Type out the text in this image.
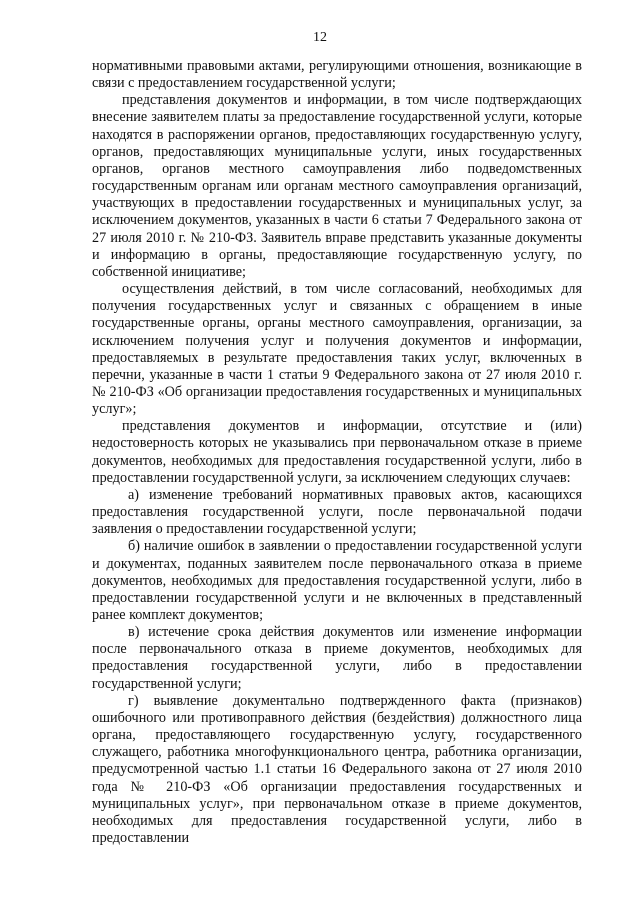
12

нормативными правовыми актами, регулирующими отношения, возникающие в связи с предоставлением государственной услуги;

представления документов и информации, в том числе подтверждающих внесение заявителем платы за предоставление государственной услуги, которые находятся в распоряжении органов, предоставляющих государственную услугу, органов, предоставляющих муниципальные услуги, иных государственных органов, органов местного самоуправления либо подведомственных государственным органам или органам местного самоуправления организаций, участвующих в предоставлении государственных и муниципальных услуг, за исключением документов, указанных в части 6 статьи 7 Федерального закона от 27 июля 2010 г. № 210-ФЗ. Заявитель вправе представить указанные документы и информацию в органы, предоставляющие государственную услугу, по собственной инициативе;

осуществления действий, в том числе согласований, необходимых для получения государственных услуг и связанных с обращением в иные государственные органы, органы местного самоуправления, организации, за исключением получения услуг и получения документов и информации, предоставляемых в результате предоставления таких услуг, включенных в перечни, указанные в части 1 статьи 9 Федерального закона от 27 июля 2010 г. № 210-ФЗ «Об организации предоставления государственных и муниципальных услуг»;

представления документов и информации, отсутствие и (или) недостоверность которых не указывались при первоначальном отказе в приеме документов, необходимых для предоставления государственной услуги, либо в предоставлении государственной услуги, за исключением следующих случаев:

а) изменение требований нормативных правовых актов, касающихся предоставления государственной услуги, после первоначальной подачи заявления о предоставлении государственной услуги;

б) наличие ошибок в заявлении о предоставлении государственной услуги и документах, поданных заявителем после первоначального отказа в приеме документов, необходимых для предоставления государственной услуги, либо в предоставлении государственной услуги и не включенных в представленный ранее комплект документов;

в) истечение срока действия документов или изменение информации после первоначального отказа в приеме документов, необходимых для предоставления государственной услуги, либо в предоставлении государственной услуги;

г) выявление документально подтвержденного факта (признаков) ошибочного или противоправного действия (бездействия) должностного лица органа, предоставляющего государственную услугу, государственного служащего, работника многофункционального центра, работника организации, предусмотренной частью 1.1 статьи 16 Федерального закона от 27 июля 2010 года № 210-ФЗ «Об организации предоставления государственных и муниципальных услуг», при первоначальном отказе в приеме документов, необходимых для предоставления государственной услуги, либо в предоставлении
